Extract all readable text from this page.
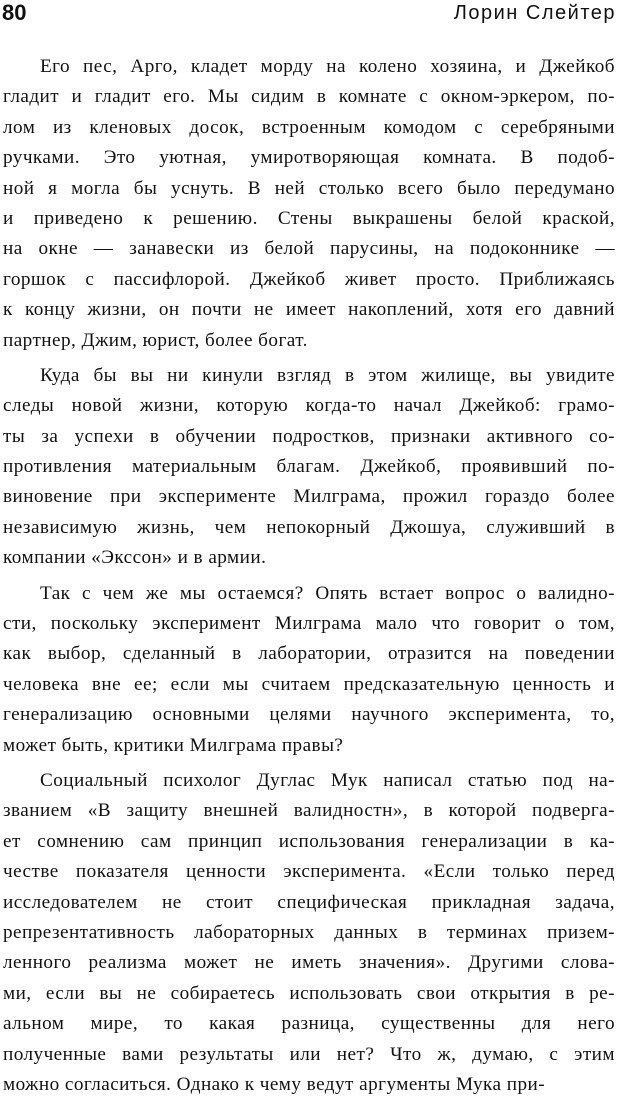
80	Лорин Слейтер
Его пес, Арго, кладет морду на колено хозяина, и Джейкоб
гладит и гладит его. Мы сидим в комнате с окном-эркером, по-
лом из кленовых досок, встроенным комодом с серебряными
ручками. Это уютная, умиротворяющая комната. В подоб-
ной я могла бы уснуть. В ней столько всего было передумано
и приведено к решению. Стены выкрашены белой краской,
на окне — занавески из белой парусины, на подоконнике —
горшок с пассифлорой. Джейкоб живет просто. Приближаясь
к концу жизни, он почти не имеет накоплений, хотя его давний
партнер, Джим, юрист, более богат.
Куда бы вы ни кинули взгляд в этом жилище, вы увидите
следы новой жизни, которую когда-то начал Джейкоб: грамо-
ты за успехи в обучении подростков, признаки активного со-
противления материальным благам. Джейкоб, проявивший по-
виновение при эксперименте Милграма, прожил гораздо более
независимую жизнь, чем непокорный Джошуа, служивший в
компании «Экссон» и в армии.
Так с чем же мы остаемся? Опять встает вопрос о валидно-
сти, поскольку эксперимент Милграма мало что говорит о том,
как выбор, сделанный в лаборатории, отразится на поведении
человека вне ее; если мы считаем предсказательную ценность и
генерализацию основными целями научного эксперимента, то,
может быть, критики Милграма правы?
Социальный психолог Дуглас Мук написал статью под на-
званием «В защиту внешней валидностн», в которой подверга-
ет сомнению сам принцип использования генерализации в ка-
честве показателя ценности эксперимента. «Если только перед
исследователем не стоит специфическая прикладная задача,
репрезентативность лабораторных данных в терминах призем-
ленного реализма может не иметь значения». Другими слова-
ми, если вы не собираетесь использовать свои открытия в ре-
альном мире, то какая разница, существенны для него
полученные вами результаты или нет? Что ж, думаю, с этим
можно согласиться. Однако к чему ведут аргументы Мука при-
